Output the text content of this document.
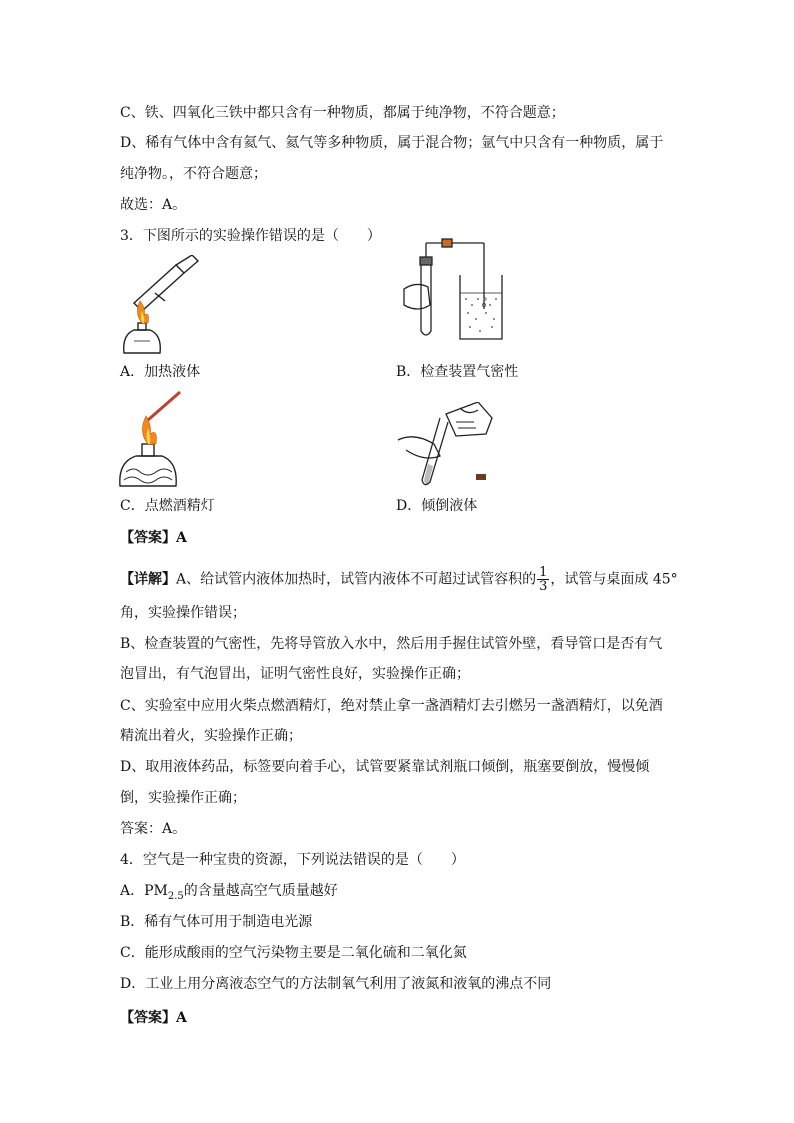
C、铁、四氧化三铁中都只含有一种物质，都属于纯净物，不符合题意；
D、稀有气体中含有氦气、氦气等多种物质，属于混合物；氩气中只含有一种物质，属于
纯净物。，不符合题意；
故选：A。
3．下图所示的实验操作错误的是（　　）
A．加热液体	B．检查装置气密性
C．点燃酒精灯	D．倾倒液体
【答案】A
【详解】A、给试管内液体加热时，试管内液体不可超过试管容积的 $\frac{1}{3}$ ，试管与桌面成 45°
角，实验操作错误；
B、检查装置的气密性，先将导管放入水中，然后用手握住试管外壁，看导管口是否有气
泡冒出，有气泡冒出，证明气密性良好，实验操作正确；
C、实验室中应用火柴点燃酒精灯，绝对禁止拿一盏酒精灯去引燃另一盏酒精灯，以免酒
精流出着火，实验操作正确；
D、取用液体药品，标签要向着手心，试管要紧靠试剂瓶口倾倒，瓶塞要倒放，慢慢倾
倒，实验操作正确；
答案：A。
4．空气是一种宝贵的资源，下列说法错误的是（　　）
A．$PM_{2.5}$的含量越高空气质量越好
B．稀有气体可用于制造电光源
C．能形成酸雨的空气污染物主要是二氧化硫和二氧化氮
D．工业上用分离液态空气的方法制氧气利用了液氮和液氧的沸点不同
【答案】A
